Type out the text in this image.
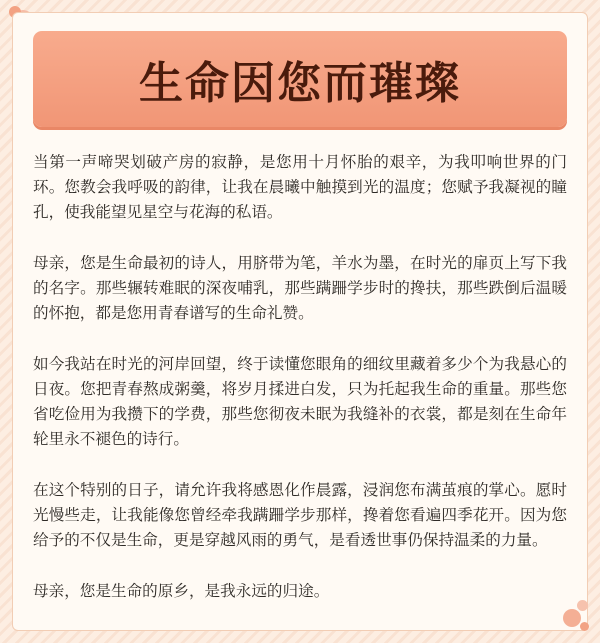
生命因您而璀璨

当第一声啼哭划破产房的寂静，是您用十月怀胎的艰辛，为我叩响世界的门环。您教会我呼吸的韵律，让我在晨曦中触摸到光的温度；您赋予我凝视的瞳孔，使我能望见星空与花海的私语。

母亲，您是生命最初的诗人，用脐带为笔，羊水为墨，在时光的扉页上写下我的名字。那些辗转难眠的深夜哺乳，那些蹒跚学步时的搀扶，那些跌倒后温暖的怀抱，都是您用青春谱写的生命礼赞。

如今我站在时光的河岸回望，终于读懂您眼角的细纹里藏着多少个为我悬心的日夜。您把青春熬成粥羹，将岁月揉进白发，只为托起我生命的重量。那些您省吃俭用为我攒下的学费，那些您彻夜未眠为我缝补的衣裳，都是刻在生命年轮里永不褪色的诗行。

在这个特别的日子，请允许我将感恩化作晨露，浸润您布满茧痕的掌心。愿时光慢些走，让我能像您曾经牵我蹒跚学步那样，搀着您看遍四季花开。因为您给予的不仅是生命，更是穿越风雨的勇气，是看透世事仍保持温柔的力量。

母亲，您是生命的原乡，是我永远的归途。
